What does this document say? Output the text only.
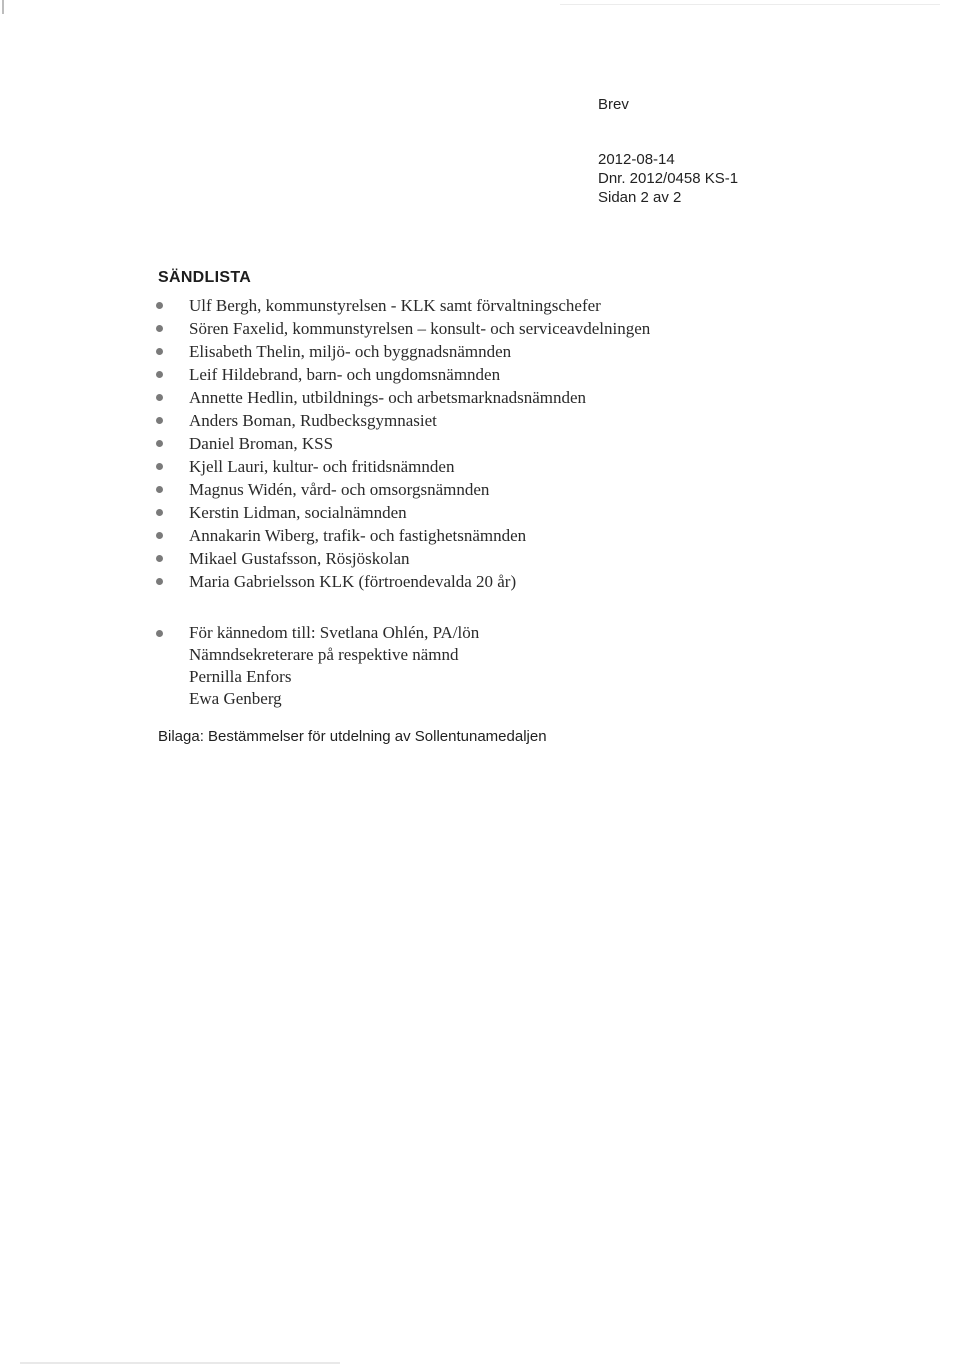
Brev
2012-08-14
Dnr. 2012/0458 KS-1
Sidan 2 av 2
SÄNDLISTA
Ulf Bergh, kommunstyrelsen - KLK samt förvaltningschefer
Sören Faxelid, kommunstyrelsen – konsult- och serviceavdelningen
Elisabeth Thelin, miljö- och byggnadsnämnden
Leif Hildebrand, barn- och ungdomsnämnden
Annette Hedlin, utbildnings- och arbetsmarknadsnämnden
Anders Boman, Rudbecksgymnasiet
Daniel Broman, KSS
Kjell Lauri, kultur- och fritidsnämnden
Magnus Widén, vård- och omsorgsnämnden
Kerstin Lidman, socialnämnden
Annakarin Wiberg, trafik- och fastighetsnämnden
Mikael Gustafsson, Rösjöskolan
Maria Gabrielsson KLK (förtroendevalda 20 år)
För kännedom till: Svetlana Ohlén, PA/lön
Nämndsekreterare på respektive nämnd
Pernilla Enfors
Ewa Genberg
Bilaga: Bestämmelser för utdelning av Sollentunamedaljen
